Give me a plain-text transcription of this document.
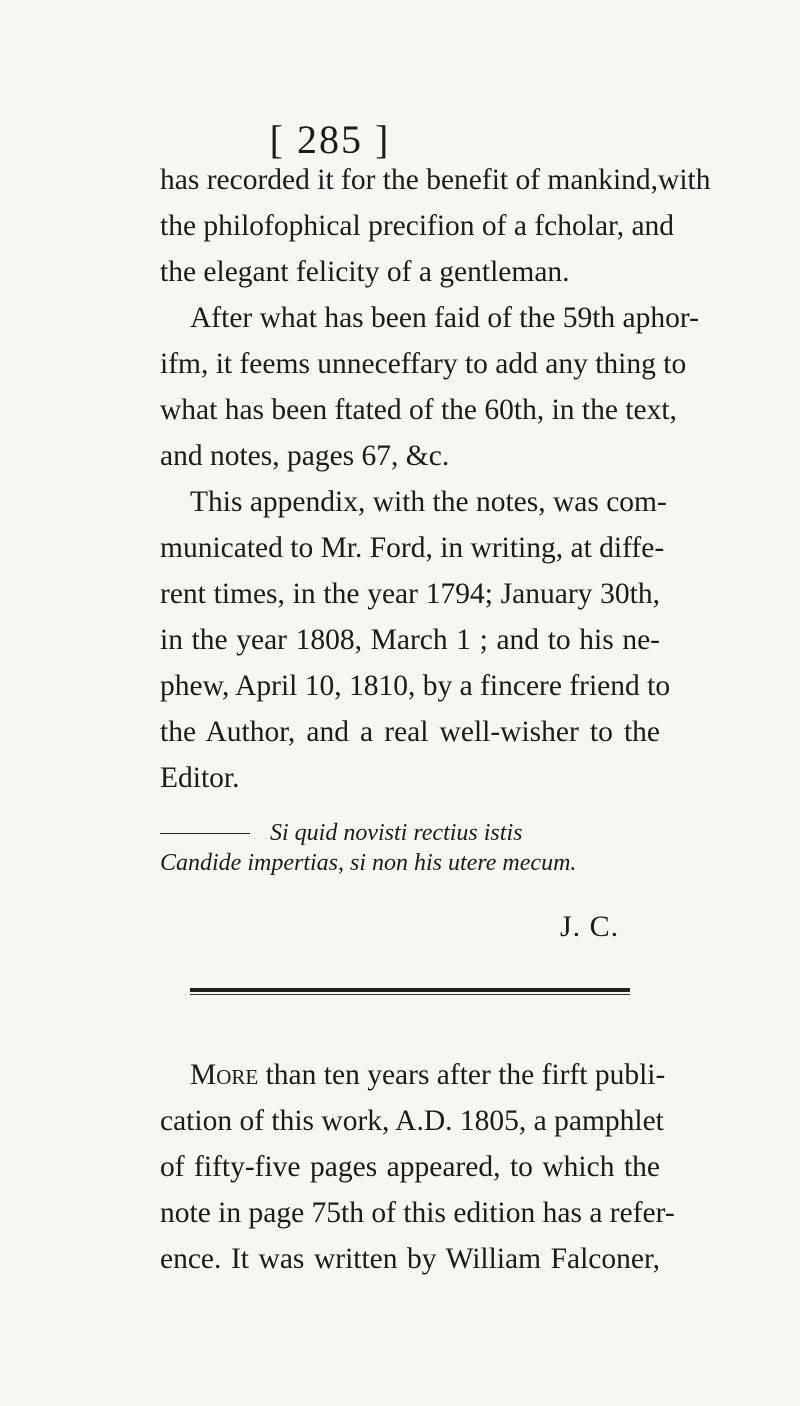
[ 285 ]
has recorded it for the benefit of mankind,with
the philofophical precifion of a fcholar, and
the elegant felicity of a gentleman.
After what has been faid of the 59th aphor-
ifm, it feems unneceffary to add any thing to
what has been ftated of the 60th, in the text,
and notes, pages 67, &c.
This appendix, with the notes, was com-
municated to Mr. Ford, in writing, at diffe-
rent times, in the year 1794; January 30th,
in the year 1808, March 1 ; and to his ne-
phew, April 10, 1810, by a fincere friend to
the Author, and a real well-wisher to the
Editor.
Si quid novisti rectius istis
Candide impertias, si non his utere mecum.
J. C.
More than ten years after the firft publi-
cation of this work, A.D. 1805, a pamphlet
of fifty-five pages appeared, to which the
note in page 75th of this edition has a refer-
ence. It was written by William Falconer,
